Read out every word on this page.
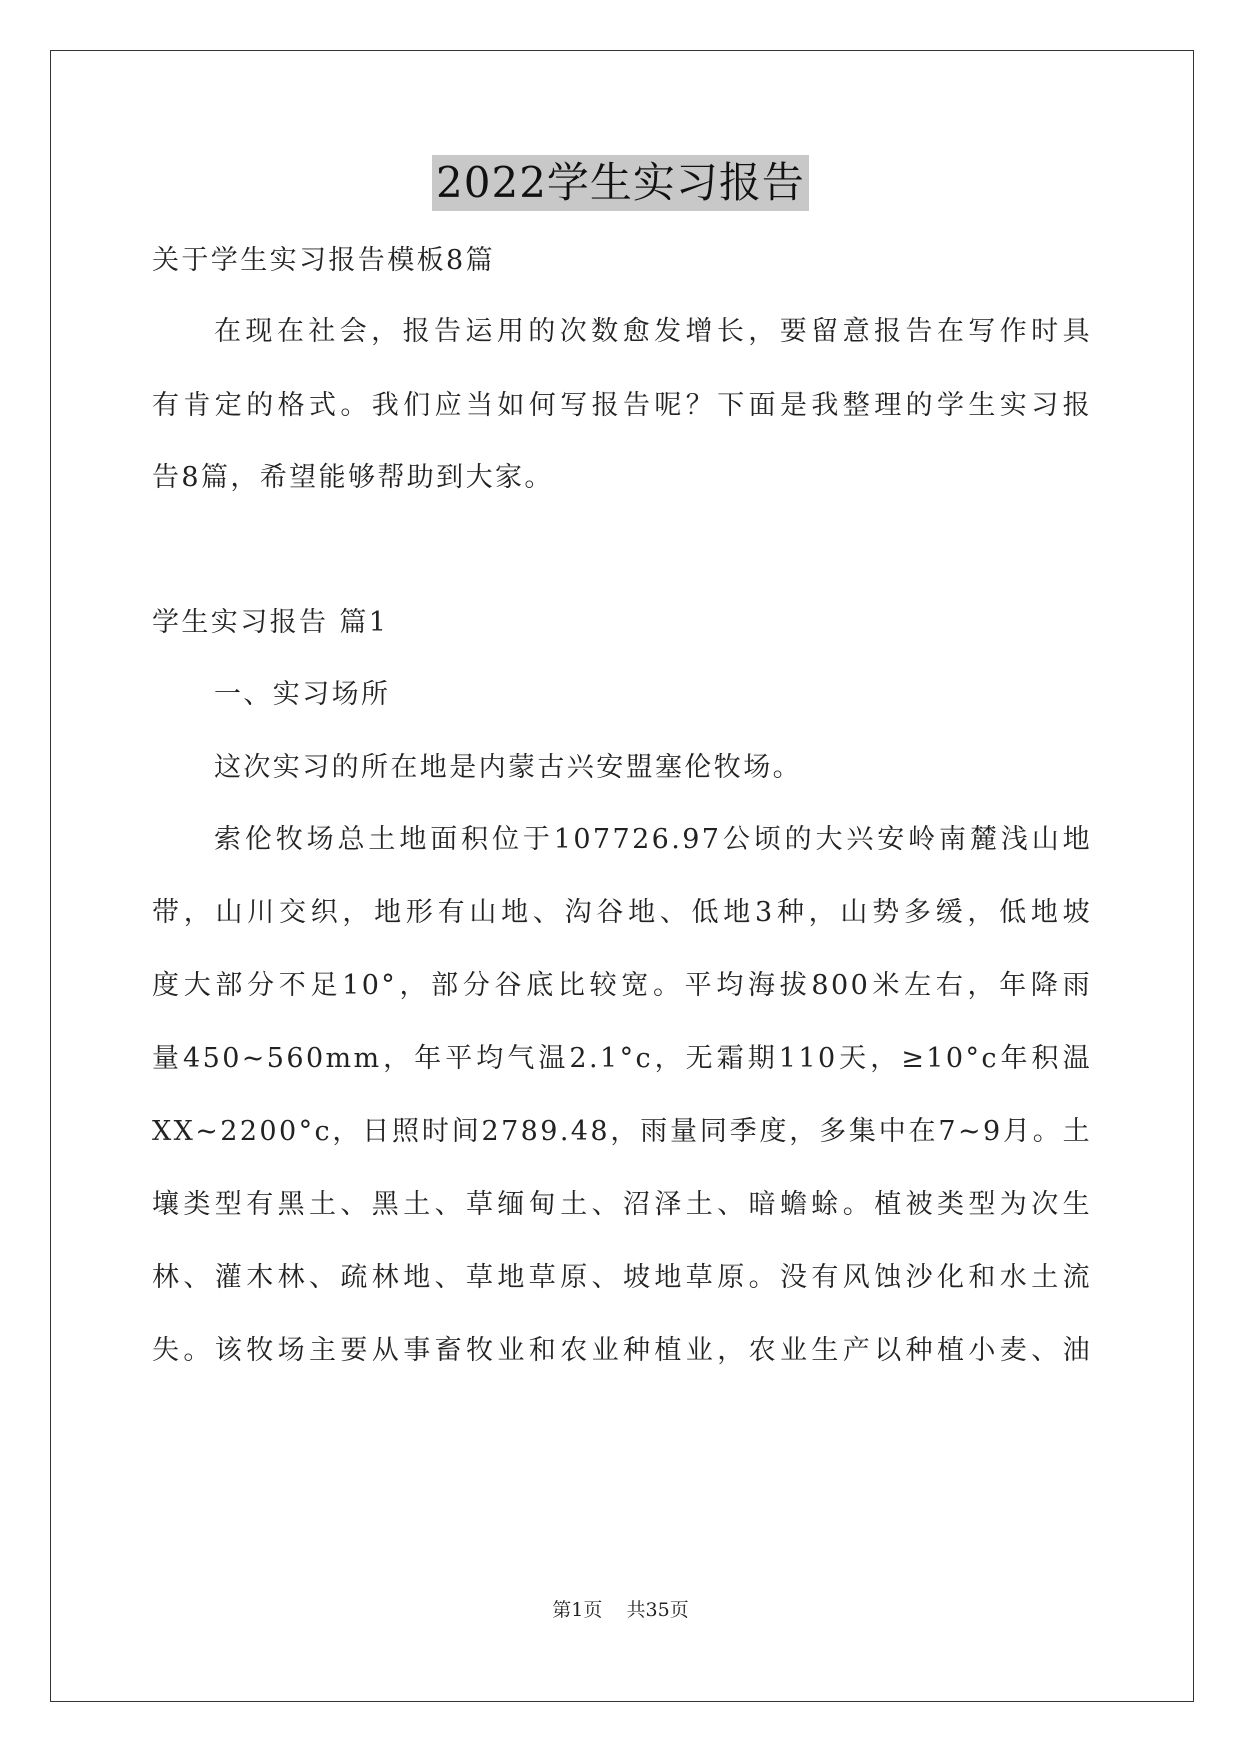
2022学生实习报告
关于学生实习报告模板8篇
在现在社会，报告运用的次数愈发增长，要留意报告在写作时具
有肯定的格式。我们应当如何写报告呢？下面是我整理的学生实习报
告8篇，希望能够帮助到大家。
学生实习报告 篇1
一、实习场所
这次实习的所在地是内蒙古兴安盟塞伦牧场。
索伦牧场总土地面积位于107726.97公顷的大兴安岭南麓浅山地
带，山川交织，地形有山地、沟谷地、低地3种，山势多缓，低地坡
度大部分不足10°，部分谷底比较宽。平均海拔800米左右，年降雨
量450~560mm，年平均气温2.1°c，无霜期110天，≥10°c年积温
XX~2200°c，日照时间2789.48，雨量同季度，多集中在7~9月。土
壤类型有黑土、黑土、草缅甸土、沼泽土、暗蟾蜍。植被类型为次生
林、灌木林、疏林地、草地草原、坡地草原。没有风蚀沙化和水土流
失。该牧场主要从事畜牧业和农业种植业，农业生产以种植小麦、油
第1页 共35页
